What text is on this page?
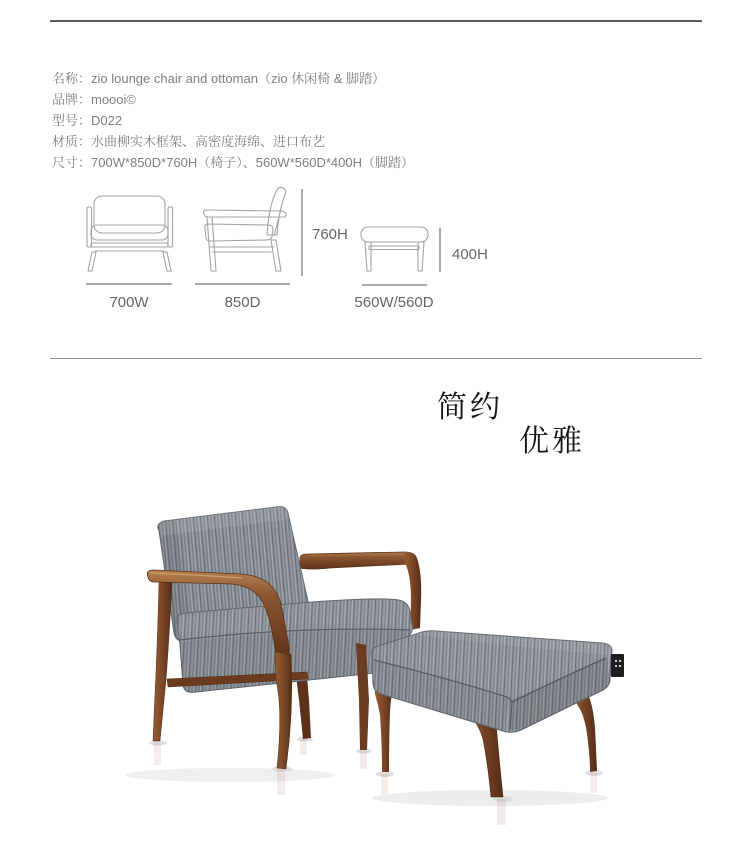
名称：zio lounge chair and ottoman（zio 休闲椅 & 脚踏）
品牌：moooi©
型号：D022
材质：水曲柳实木框架、高密度海绵、进口布艺
尺寸：700W*850D*760H（椅子）、560W*560D*400H（脚踏）
700W	850D
760H
560W/560D
400H
简约
优雅
